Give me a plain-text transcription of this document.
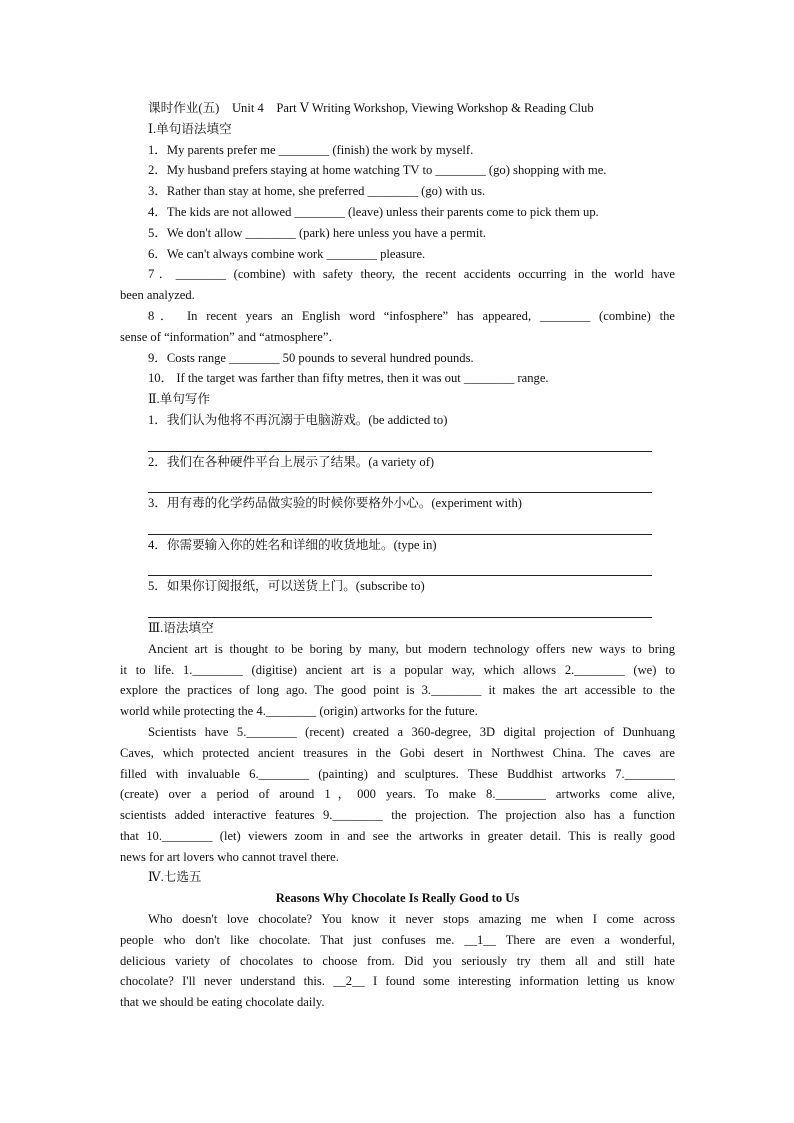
课时作业(五)　Unit 4　Part Ⅴ Writing Workshop, Viewing Workshop & Reading Club
Ⅰ.单句语法填空
1．My parents prefer me ________ (finish) the work by myself.
2．My husband prefers staying at home watching TV to ________ (go) shopping with me.
3．Rather than stay at home, she preferred ________ (go) with us.
4．The kids are not allowed ________ (leave) unless their parents come to pick them up.
5．We don't allow ________ (park) here unless you have a permit.
6．We can't always combine work ________ pleasure.
7．________ (combine) with safety theory, the recent accidents occurring in the world have
been analyzed.
8． In recent years an English word “infosphere” has appeared, ________ (combine) the
sense of “information” and “atmosphere”．
9．Costs range ________ 50 pounds to several hundred pounds.
10． If the target was farther than fifty metres, then it was out ________ range.
Ⅱ.单句写作
1．我们认为他将不再沉溺于电脑游戏。(be addicted to)
2．我们在各种硬件平台上展示了结果。(a variety of)
3．用有毒的化学药品做实验的时候你要格外小心。(experiment with)
4．你需要输入你的姓名和详细的收货地址。(type in)
5．如果你订阅报纸，可以送货上门。(subscribe to)
Ⅲ.语法填空
Ancient art is thought to be boring by many, but modern technology offers new ways to bring
it to life. 1.________ (digitise) ancient art is a popular way, which allows 2.________ (we) to
explore the practices of long ago. The good point is 3.________ it makes the art accessible to the
world while protecting the 4.________ (origin) artworks for the future.
Scientists have 5.________ (recent) created a 360-degree, 3D digital projection of Dunhuang
Caves, which protected ancient treasures in the Gobi desert in Northwest China. The caves are
filled with invaluable 6.________ (painting) and sculptures. These Buddhist artworks 7.________
(create) over a period of around 1，000 years. To make 8.________ artworks come alive,
scientists added interactive features 9.________ the projection. The projection also has a function
that 10.________ (let) viewers zoom in and see the artworks in greater detail. This is really good
news for art lovers who cannot travel there.
Ⅳ.七选五
Reasons Why Chocolate Is Really Good to Us
Who doesn't love chocolate? You know it never stops amazing me when I come across
people who don't like chocolate. That just confuses me. __1__ There are even a wonderful,
delicious variety of chocolates to choose from. Did you seriously try them all and still hate
chocolate? I'll never understand this. __2__ I found some interesting information letting us know
that we should be eating chocolate daily.
